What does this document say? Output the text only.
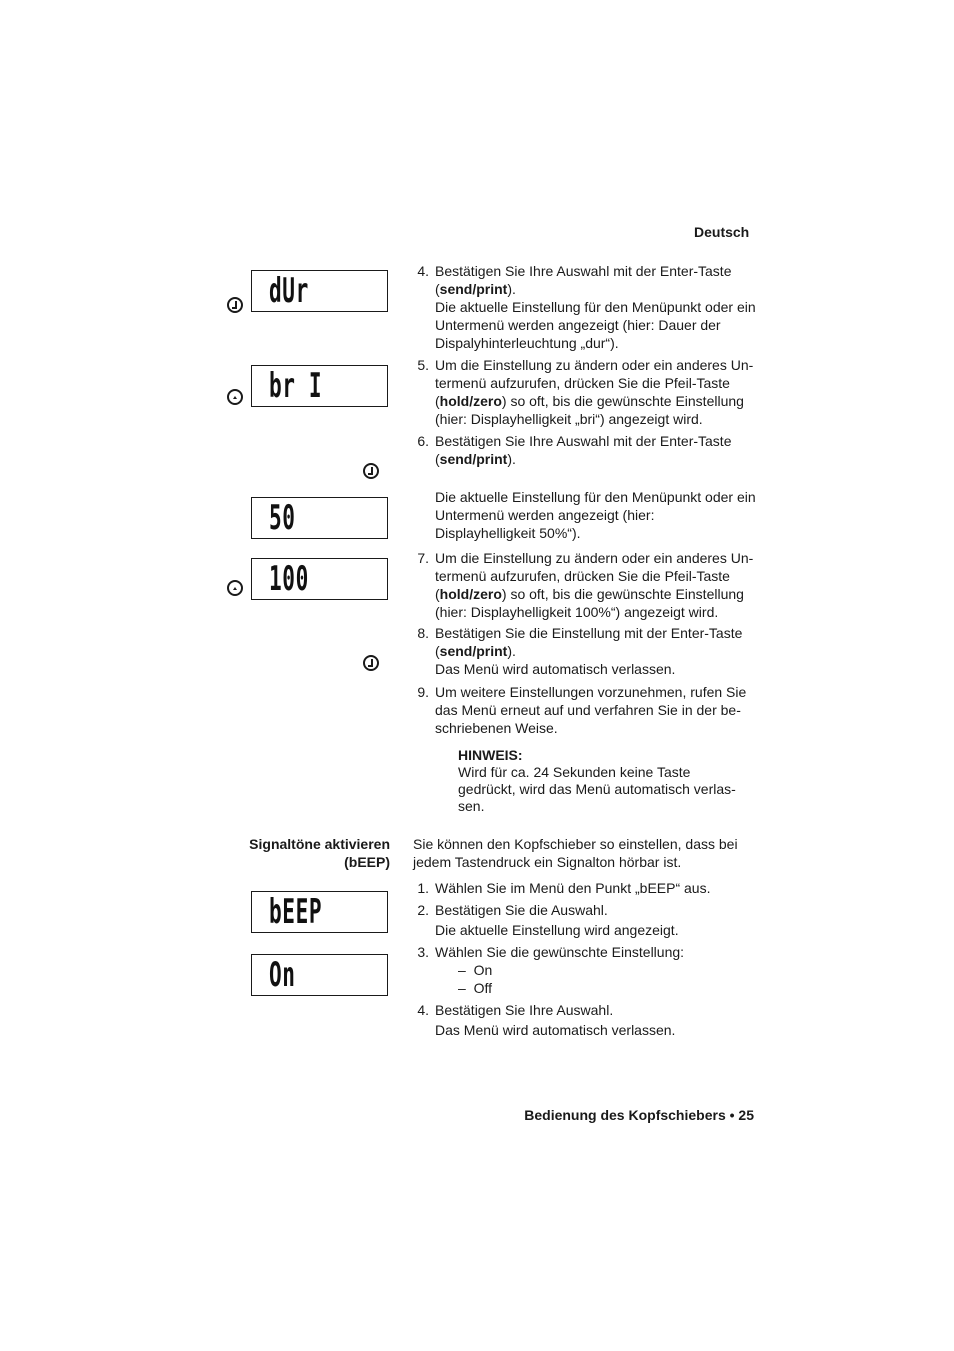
Deutsch
dUr
br I
50
100
bEEP
On
4. Bestätigen Sie Ihre Auswahl mit der Enter-Taste (send/print).
Die aktuelle Einstellung für den Menüpunkt oder ein Untermenü werden angezeigt (hier: Dauer der Dispalyhinterleuchtung „dur“).
5. Um die Einstellung zu ändern oder ein anderes Un-termenü aufzurufen, drücken Sie die Pfeil-Taste (hold/zero) so oft, bis die gewünschte Einstellung (hier: Displayhelligkeit „bri“) angezeigt wird.
6. Bestätigen Sie Ihre Auswahl mit der Enter-Taste (send/print).
Die aktuelle Einstellung für den Menüpunkt oder ein Untermenü werden angezeigt (hier: Displayhelligkeit 50%“).
7. Um die Einstellung zu ändern oder ein anderes Un-termenü aufzurufen, drücken Sie die Pfeil-Taste (hold/zero) so oft, bis die gewünschte Einstellung (hier: Displayhelligkeit 100%“) angezeigt wird.
8. Bestätigen Sie die Einstellung mit der Enter-Taste (send/print).
Das Menü wird automatisch verlassen.
9. Um weitere Einstellungen vorzunehmen, rufen Sie das Menü erneut auf und verfahren Sie in der be-schriebenen Weise.
HINWEIS:
Wird für ca. 24 Sekunden keine Taste gedrückt, wird das Menü automatisch verlas-sen.
Signaltöne aktivieren
(bEEP)
Sie können den Kopfschieber so einstellen, dass bei jedem Tastendruck ein Signalton hörbar ist.
1. Wählen Sie im Menü den Punkt „bEEP“ aus.
2. Bestätigen Sie die Auswahl.
Die aktuelle Einstellung wird angezeigt.
3. Wählen Sie die gewünschte Einstellung:
–  On
–  Off
4. Bestätigen Sie Ihre Auswahl.
Das Menü wird automatisch verlassen.
Bedienung des Kopfschiebers • 25
